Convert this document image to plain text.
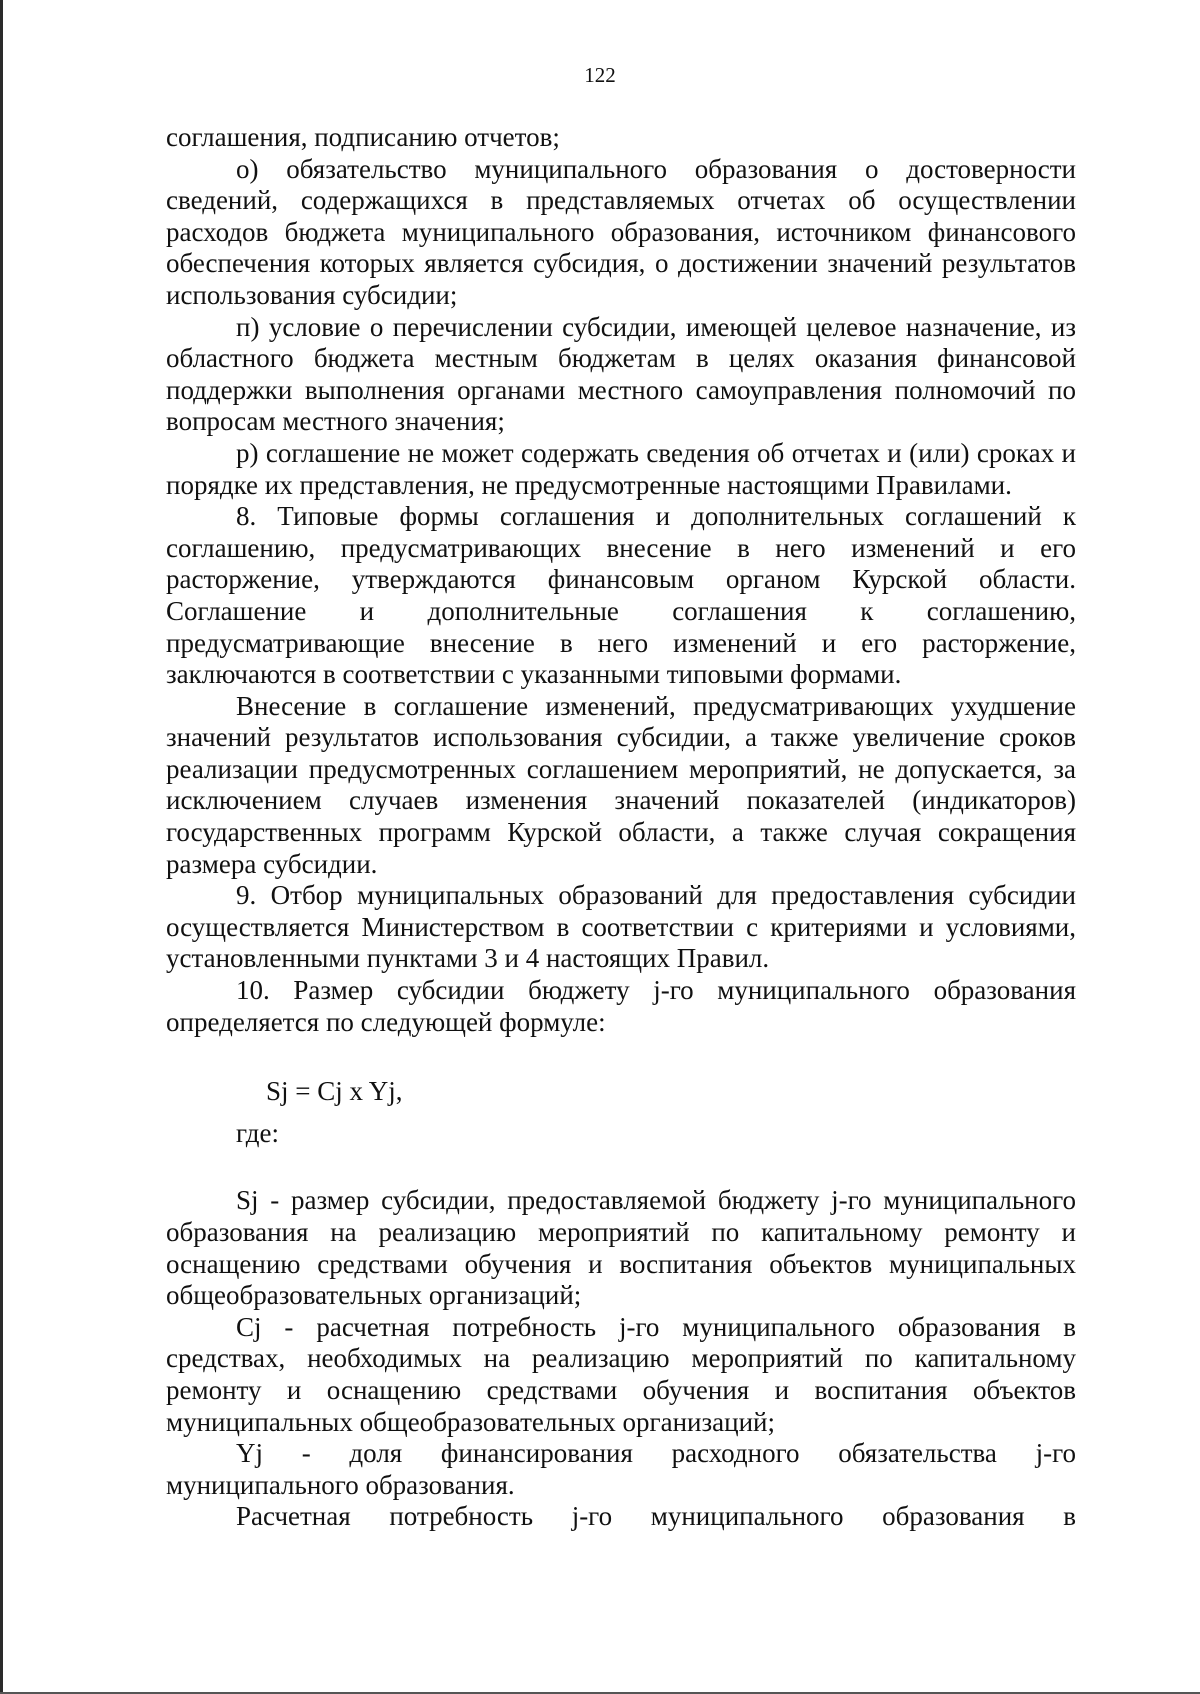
122

соглашения, подписанию отчетов;

о) обязательство муниципального образования о достоверности сведений, содержащихся в представляемых отчетах об осуществлении расходов бюджета муниципального образования, источником финансового обеспечения которых является субсидия, о достижении значений результатов использования субсидии;

п) условие о перечислении субсидии, имеющей целевое назначение, из областного бюджета местным бюджетам в целях оказания финансовой поддержки выполнения органами местного самоуправления полномочий по вопросам местного значения;

р) соглашение не может содержать сведения об отчетах и (или) сроках и порядке их представления, не предусмотренные настоящими Правилами.

8. Типовые формы соглашения и дополнительных соглашений к соглашению, предусматривающих внесение в него изменений и его расторжение, утверждаются финансовым органом Курской области. Соглашение и дополнительные соглашения к соглашению, предусматривающие внесение в него изменений и его расторжение, заключаются в соответствии с указанными типовыми формами.

Внесение в соглашение изменений, предусматривающих ухудшение значений результатов использования субсидии, а также увеличение сроков реализации предусмотренных соглашением мероприятий, не допускается, за исключением случаев изменения значений показателей (индикаторов) государственных программ Курской области, а также случая сокращения размера субсидии.

9. Отбор муниципальных образований для предоставления субсидии осуществляется Министерством в соответствии с критериями и условиями, установленными пунктами 3 и 4 настоящих Правил.

10. Размер субсидии бюджету j-го муниципального образования определяется по следующей формуле:

Sj = Cj x Yj,

где:

Sj - размер субсидии, предоставляемой бюджету j-го муниципального образования на реализацию мероприятий по капитальному ремонту и оснащению средствами обучения и воспитания объектов муниципальных общеобразовательных организаций;

Cj - расчетная потребность j-го муниципального образования в средствах, необходимых на реализацию мероприятий по капитальному ремонту и оснащению средствами обучения и воспитания объектов муниципальных общеобразовательных организаций;

Yj - доля финансирования расходного обязательства j-го муниципального образования.

Расчетная потребность j-го муниципального образования в
